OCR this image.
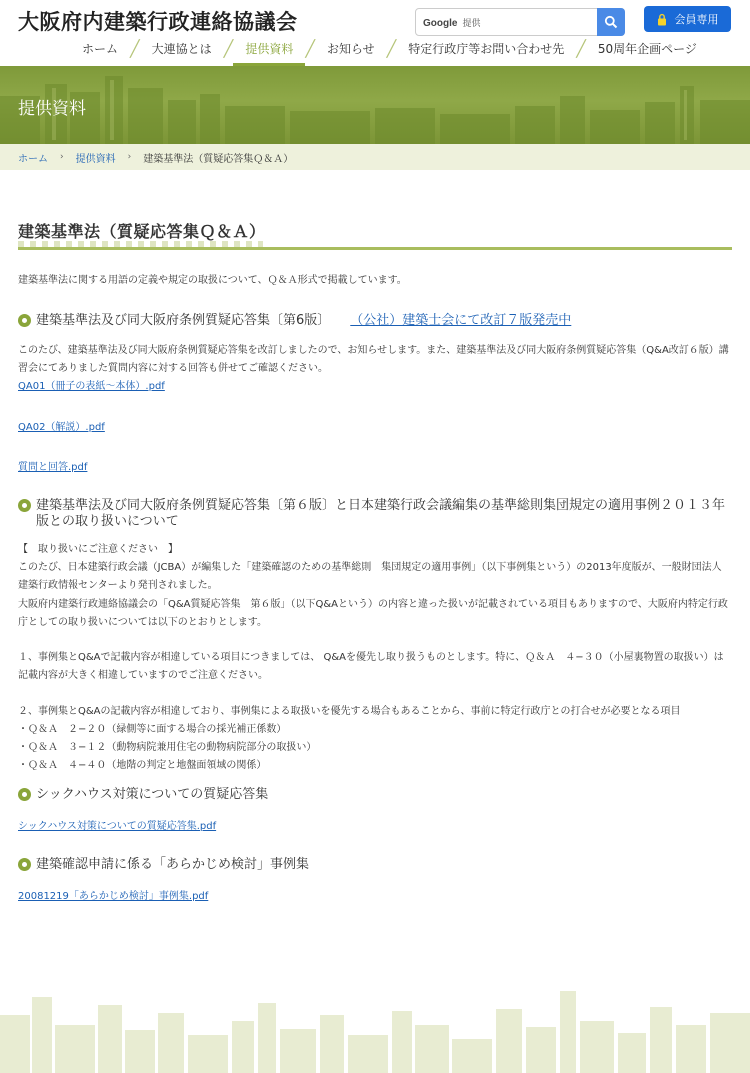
大阪府内建築行政連絡協議会	Google 提供	会員専用
ホーム ╱	大連協とは ╱	提供資料 ╱	お知らせ ╱	特定行政庁等お問い合わせ先 ╱	50周年企画ページ
提供資料
ホーム › 提供資料 › 建築基準法（質疑応答集Ｑ＆Ａ）
建築基準法（質疑応答集Ｑ＆Ａ）

建築基準法に関する用語の定義や規定の取扱について、Ｑ＆Ａ形式で掲載しています。

建築基準法及び同大阪府条例質疑応答集〔第6版〕 （公社）建築士会にて改訂７版発売中

このたび、建築基準法及び同大阪府条例質疑応答集を改訂しましたので、お知らせします。また、建築基準法及び同大阪府条例質疑応答集（Q&A改訂６版）講習会にてありました質問内容に対する回答も併せてご確認ください。

QA01（冊子の表紙〜本体）.pdf
QA02（解説）.pdf
質問と回答.pdf
建築基準法及び同大阪府条例質疑応答集〔第６版〕と日本建築行政会議編集の基準総則集団規定の適用事例２０１３年版との取り扱いについて

【　取り扱いにご注意ください　】

このたび、日本建築行政会議（JCBA）が編集した「建築確認のための基準総則　集団規定の適用事例」（以下事例集という）の2013年度版が、一般財団法人　建築行政情報センターより発刊されました。

大阪府内建築行政連絡協議会の「Q&A質疑応答集　第６版」（以下Q&Aという）の内容と違った扱いが記載されている項目もありますので、大阪府内特定行政庁としての取り扱いについては以下のとおりとします。

１、事例集とQ&Aで記載内容が相違している項目につきましては、 Q&Aを優先し取り扱うものとします。特に、Ｑ＆Ａ　４−３０（小屋裏物置の取扱い）は記載内容が大きく相違していますのでご注意ください。

２、事例集とQ&Aの記載内容が相違しており、事例集による取扱いを優先する場合もあることから、事前に特定行政庁との打合せが必要となる項目

・Ｑ＆Ａ　２−２０（緑側等に面する場合の採光補正係数）

・Ｑ＆Ａ　３−１２（動物病院兼用住宅の動物病院部分の取扱い）

・Ｑ＆Ａ　４−４０（地階の判定と地盤面領域の関係）

シックハウス対策についての質疑応答集
シックハウス対策についての質疑応答集.pdf
建築確認申請に係る「あらかじめ検討」事例集
20081219「あらかじめ検討」事例集.pdf
